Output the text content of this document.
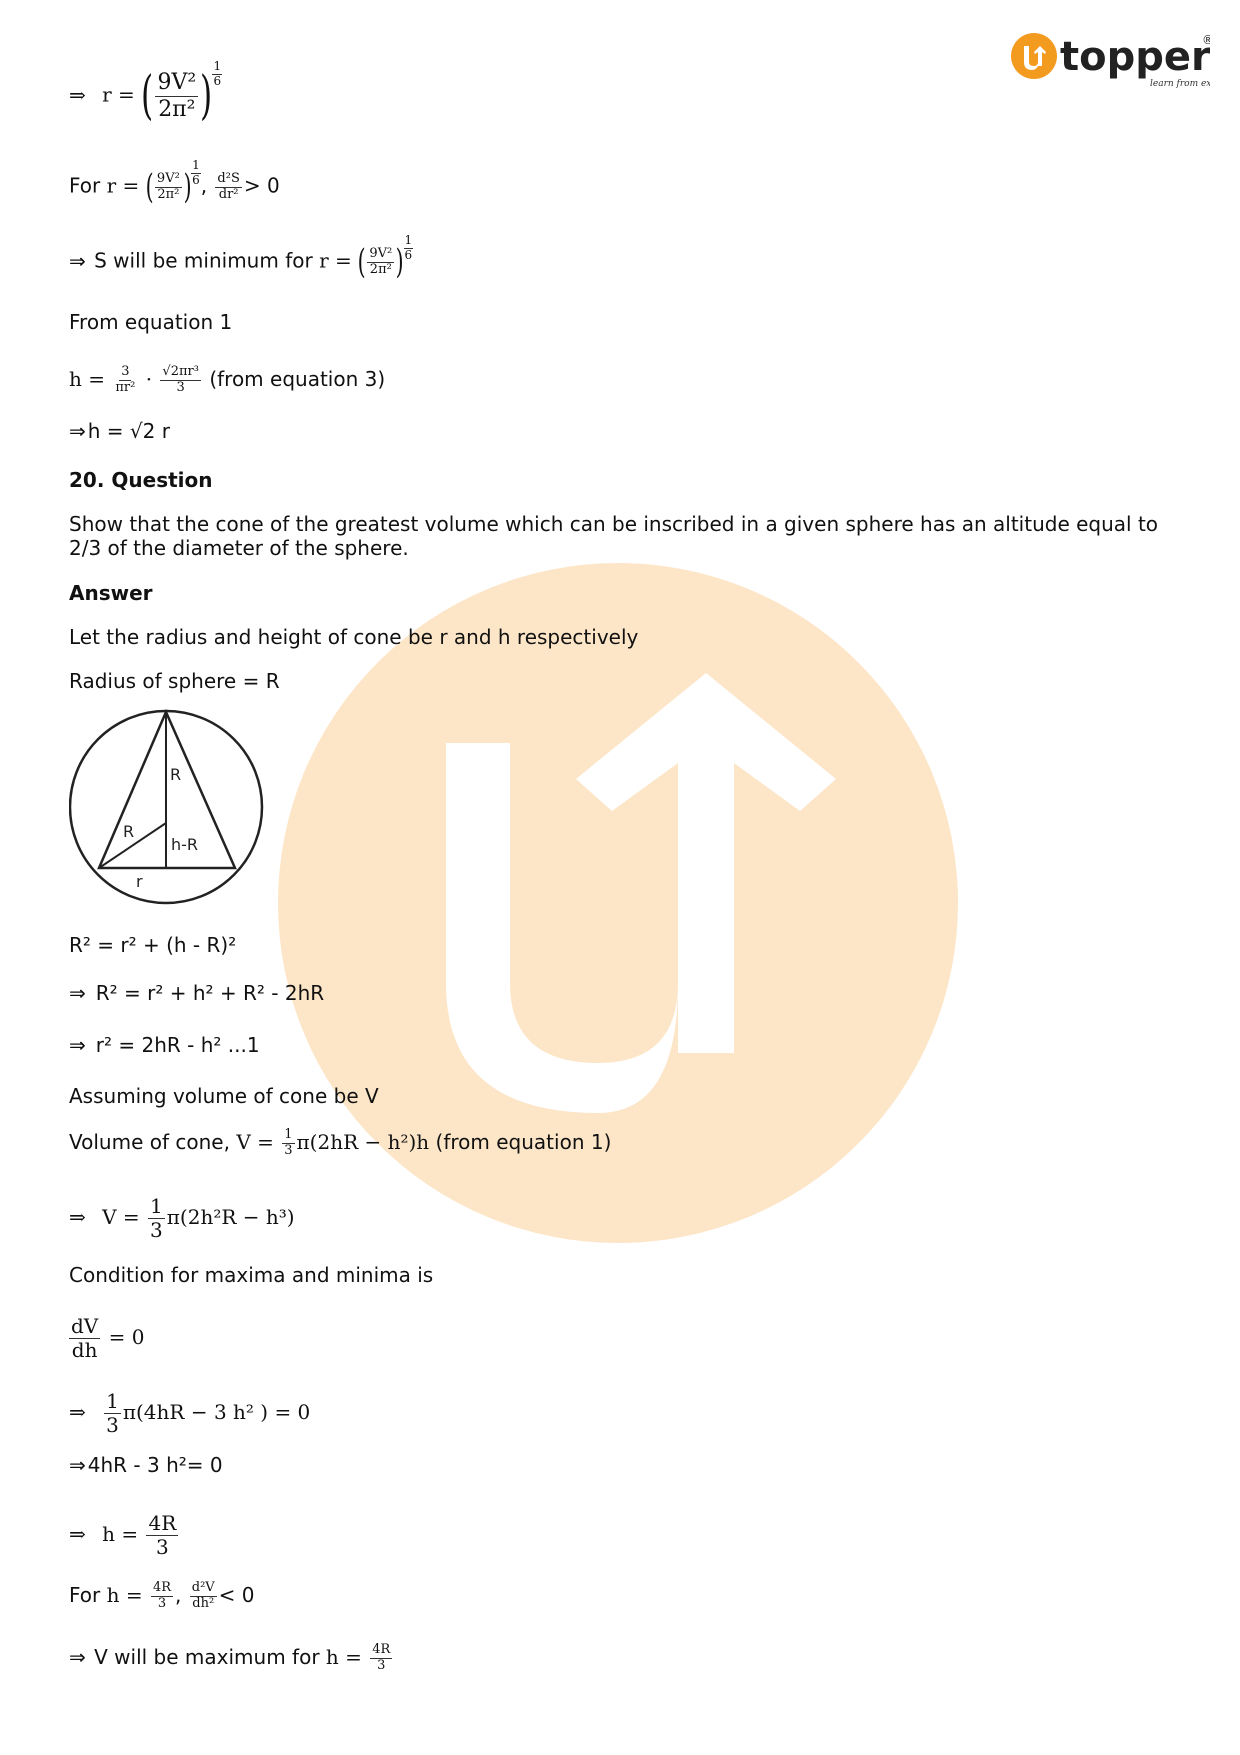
topper
®
learn from e
⇒ r = ( $\frac{\text{9V²}}{\text{2π²}}$ ) $\frac{1}{6}$
For r = ( $\frac{\text{9V²}}{\text{2π²}}$ ) $\frac{1}{6}$ , $\frac{\text{d²S}}{\text{dr²}} > 0$
⇒ S will be minimum for r = ( $\frac{\text{9V²}}{\text{2π²}}$ ) $\frac{1}{6}$
From equation 1
$h = \frac{3}{\text{πr²}} \cdot \frac{\text{√2πr³}}{3}$ (from equation 3)
⇒ h = √2 r
20. Question
Show that the cone of the greatest volume which can be inscribed in a given sphere has an altitude equal to 2/3 of the diameter of the sphere.
Answer
Let the radius and height of cone be r and h respectively
Radius of sphere = R
R
R
h-R
r
R² = r² + (h - R)²
⇒ R² = r² + h² + R² - 2hR
⇒ r² = 2hR - h² ...1
Assuming volume of cone be V
Volume of cone, $V = \frac{1}{3} \pi(2hR - h^2)h$ (from equation 1)
⇒ $V = \frac{1}{3} \pi(2h^2R - h^3)$
Condition for maxima and minima is
$\frac{dV}{dh} = 0$
⇒ $\frac{1}{3} \pi(4hR - 3$ h² ) = 0
⇒ 4hR - 3 h²= 0
⇒ $h = \frac{4R}{3}$
For $h = \frac{4R}{3}$ , $\frac{\text{d²V}}{\text{dh²}} < 0$
⇒ V will be maximum for $h = \frac{4R}{3}$
